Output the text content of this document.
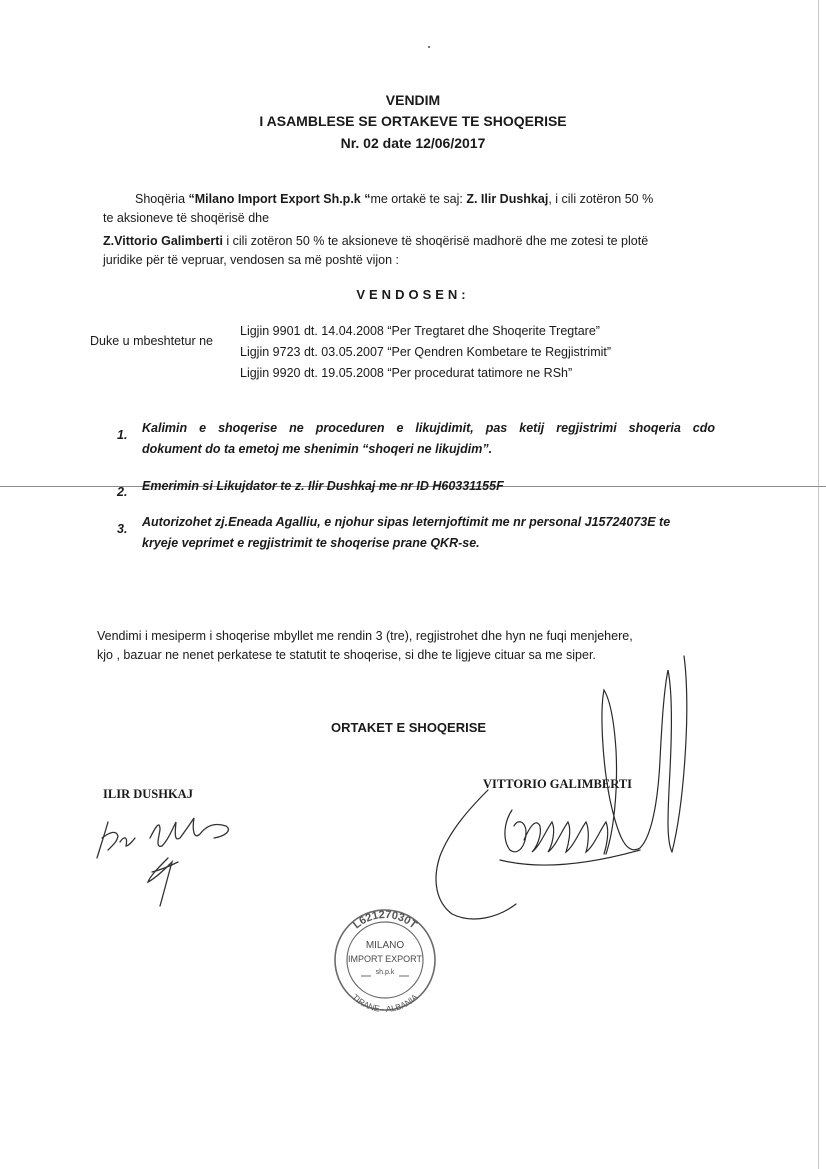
VENDIM
I ASAMBLESE SE ORTAKEVE TE SHOQERISE
Nr. 02 date 12/06/2017
Shoqëria “Milano Import Export Sh.p.k “me ortakë te saj: Z. Ilir Dushkaj, i cili zotëron 50 %
te aksioneve të shoqërisë dhe
Z.Vittorio Galimberti i cili zotëron 50 % te aksioneve të shoqërisë madhorë dhe me zotesi te plotë
juridike për të vepruar, vendosen sa më poshtë vijon :
VENDOSEN:
Duke u mbeshtetur ne
Ligjin 9901 dt. 14.04.2008 “Per Tregtaret dhe Shoqerite Tregtare”
Ligjin 9723 dt. 03.05.2007 “Per Qendren Kombetare te Regjistrimit”
Ligjin 9920 dt. 19.05.2008 “Per procedurat tatimore ne RSh”
1. Kalimin e shoqerise ne proceduren e likujdimit, pas ketij regjistrimi shoqeria cdo
dokument do ta emetoj me shenimin “shoqeri ne likujdim”.
2. Emerimin si Likujdator te z. Ilir Dushkaj me nr ID H60331155F
3. Autorizohet zj.Eneada Agalliu, e njohur sipas leternjoftimit me nr personal J15724073E te
kryeje veprimet e regjistrimit te shoqerise prane QKR-se.
Vendimi i mesiperm i shoqerise mbyllet me rendin 3 (tre), regjistrohet dhe hyn ne fuqi menjehere,
kjo , bazuar ne nenet perkatese te statutit te shoqerise, si dhe te ligjeve cituar sa me siper.
ORTAKET E SHOQERISE
ILIR DUSHKAJ
VITTORIO GALIMBERTI
L62127030T
TIRANE - ALBANIA
MILANO
IMPORT EXPORT
sh.p.k
